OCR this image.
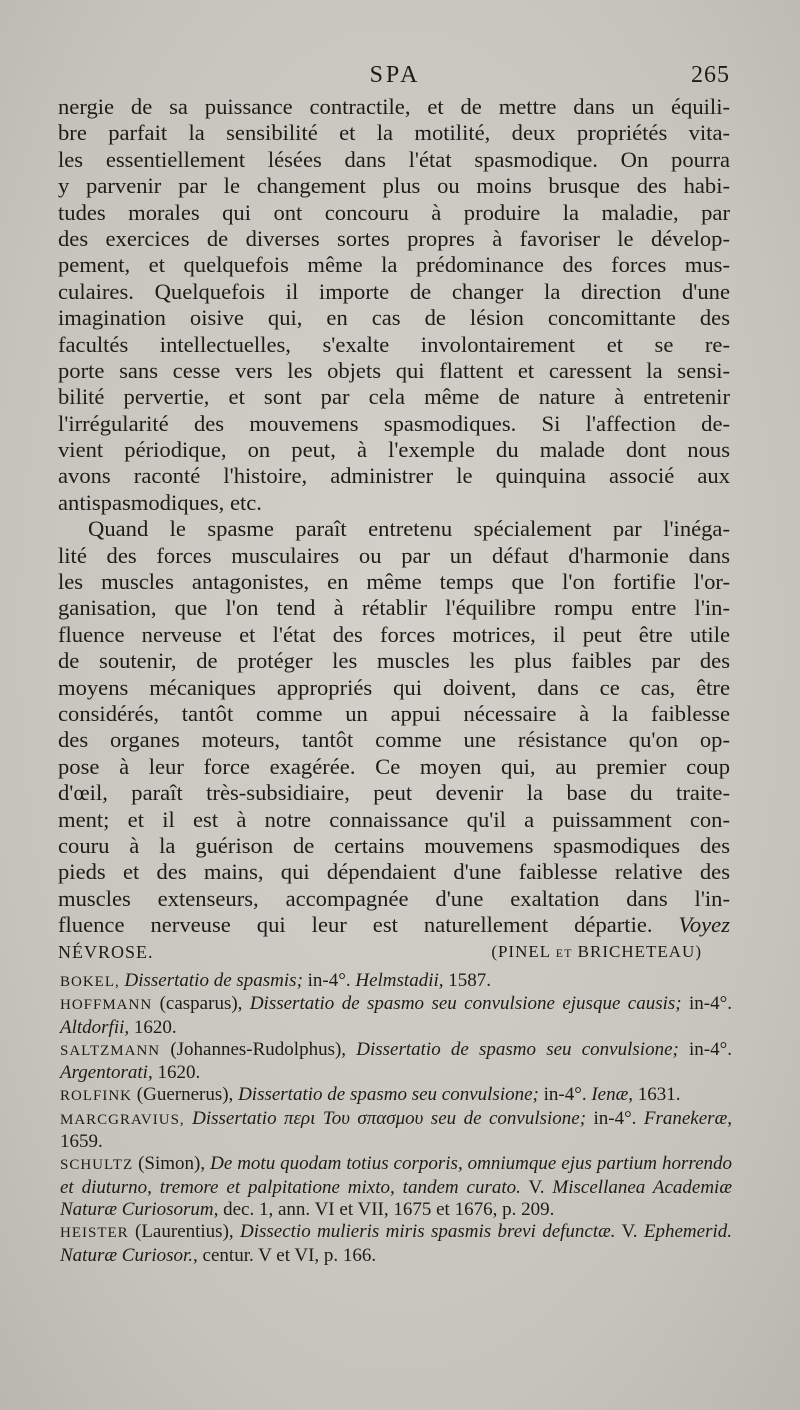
SPA	265
nergie de sa puissance contractile, et de mettre dans un équili-
bre parfait la sensibilité et la motilité, deux propriétés vita-
les essentiellement lésées dans l'état spasmodique. On pourra
y parvenir par le changement plus ou moins brusque des habi-
tudes morales qui ont concouru à produire la maladie, par
des exercices de diverses sortes propres à favoriser le dévelop-
pement, et quelquefois même la prédominance des forces mus-
culaires. Quelquefois il importe de changer la direction d'une
imagination oisive qui, en cas de lésion concomittante des
facultés intellectuelles, s'exalte involontairement et se re-
porte sans cesse vers les objets qui flattent et caressent la sensi-
bilité pervertie, et sont par cela même de nature à entretenir
l'irrégularité des mouvemens spasmodiques. Si l'affection de-
vient périodique, on peut, à l'exemple du malade dont nous
avons raconté l'histoire, administrer le quinquina associé aux
antispasmodiques, etc.
Quand le spasme paraît entretenu spécialement par l'inéga-
lité des forces musculaires ou par un défaut d'harmonie dans
les muscles antagonistes, en même temps que l'on fortifie l'or-
ganisation, que l'on tend à rétablir l'équilibre rompu entre l'in-
fluence nerveuse et l'état des forces motrices, il peut être utile
de soutenir, de protéger les muscles les plus faibles par des
moyens mécaniques appropriés qui doivent, dans ce cas, être
considérés, tantôt comme un appui nécessaire à la faiblesse
des organes moteurs, tantôt comme une résistance qu'on op-
pose à leur force exagérée. Ce moyen qui, au premier coup
d'œil, paraît très-subsidiaire, peut devenir la base du traite-
ment; et il est à notre connaissance qu'il a puissamment con-
couru à la guérison de certains mouvemens spasmodiques des
pieds et des mains, qui dépendaient d'une faiblesse relative des
muscles extenseurs, accompagnée d'une exaltation dans l'in-
fluence nerveuse qui leur est naturellement départie. Voyez
NÉVROSE.	(PINEL et BRICHETEAU)

BOKEL, Dissertatio de spasmis; in-4°. Helmstadii, 1587.

HOFFMANN (casparus), Dissertatio de spasmo seu convulsione ejusque causis; in-4°. Altdorfii, 1620.

SALTZMANN (Johannes-Rudolphus), Dissertatio de spasmo seu convulsione; in-4°. Argentorati, 1620.

ROLFINK (Guernerus), Dissertatio de spasmo seu convulsione; in-4°. Ienæ, 1631.

MARCGRAVIUS, Dissertatio περι Του σπασμου seu de convulsione; in-4°. Franekeræ, 1659.

SCHULTZ (Simon), De motu quodam totius corporis, omniumque ejus partium horrendo et diuturno, tremore et palpitatione mixto, tandem curato. V. Miscellanea Academiæ Naturæ Curiosorum, dec. 1, ann. VI et VII, 1675 et 1676, p. 209.

HEISTER (Laurentius), Dissectio mulieris miris spasmis brevi defunctæ. V. Ephemerid. Naturæ Curiosor., centur. V et VI, p. 166.
